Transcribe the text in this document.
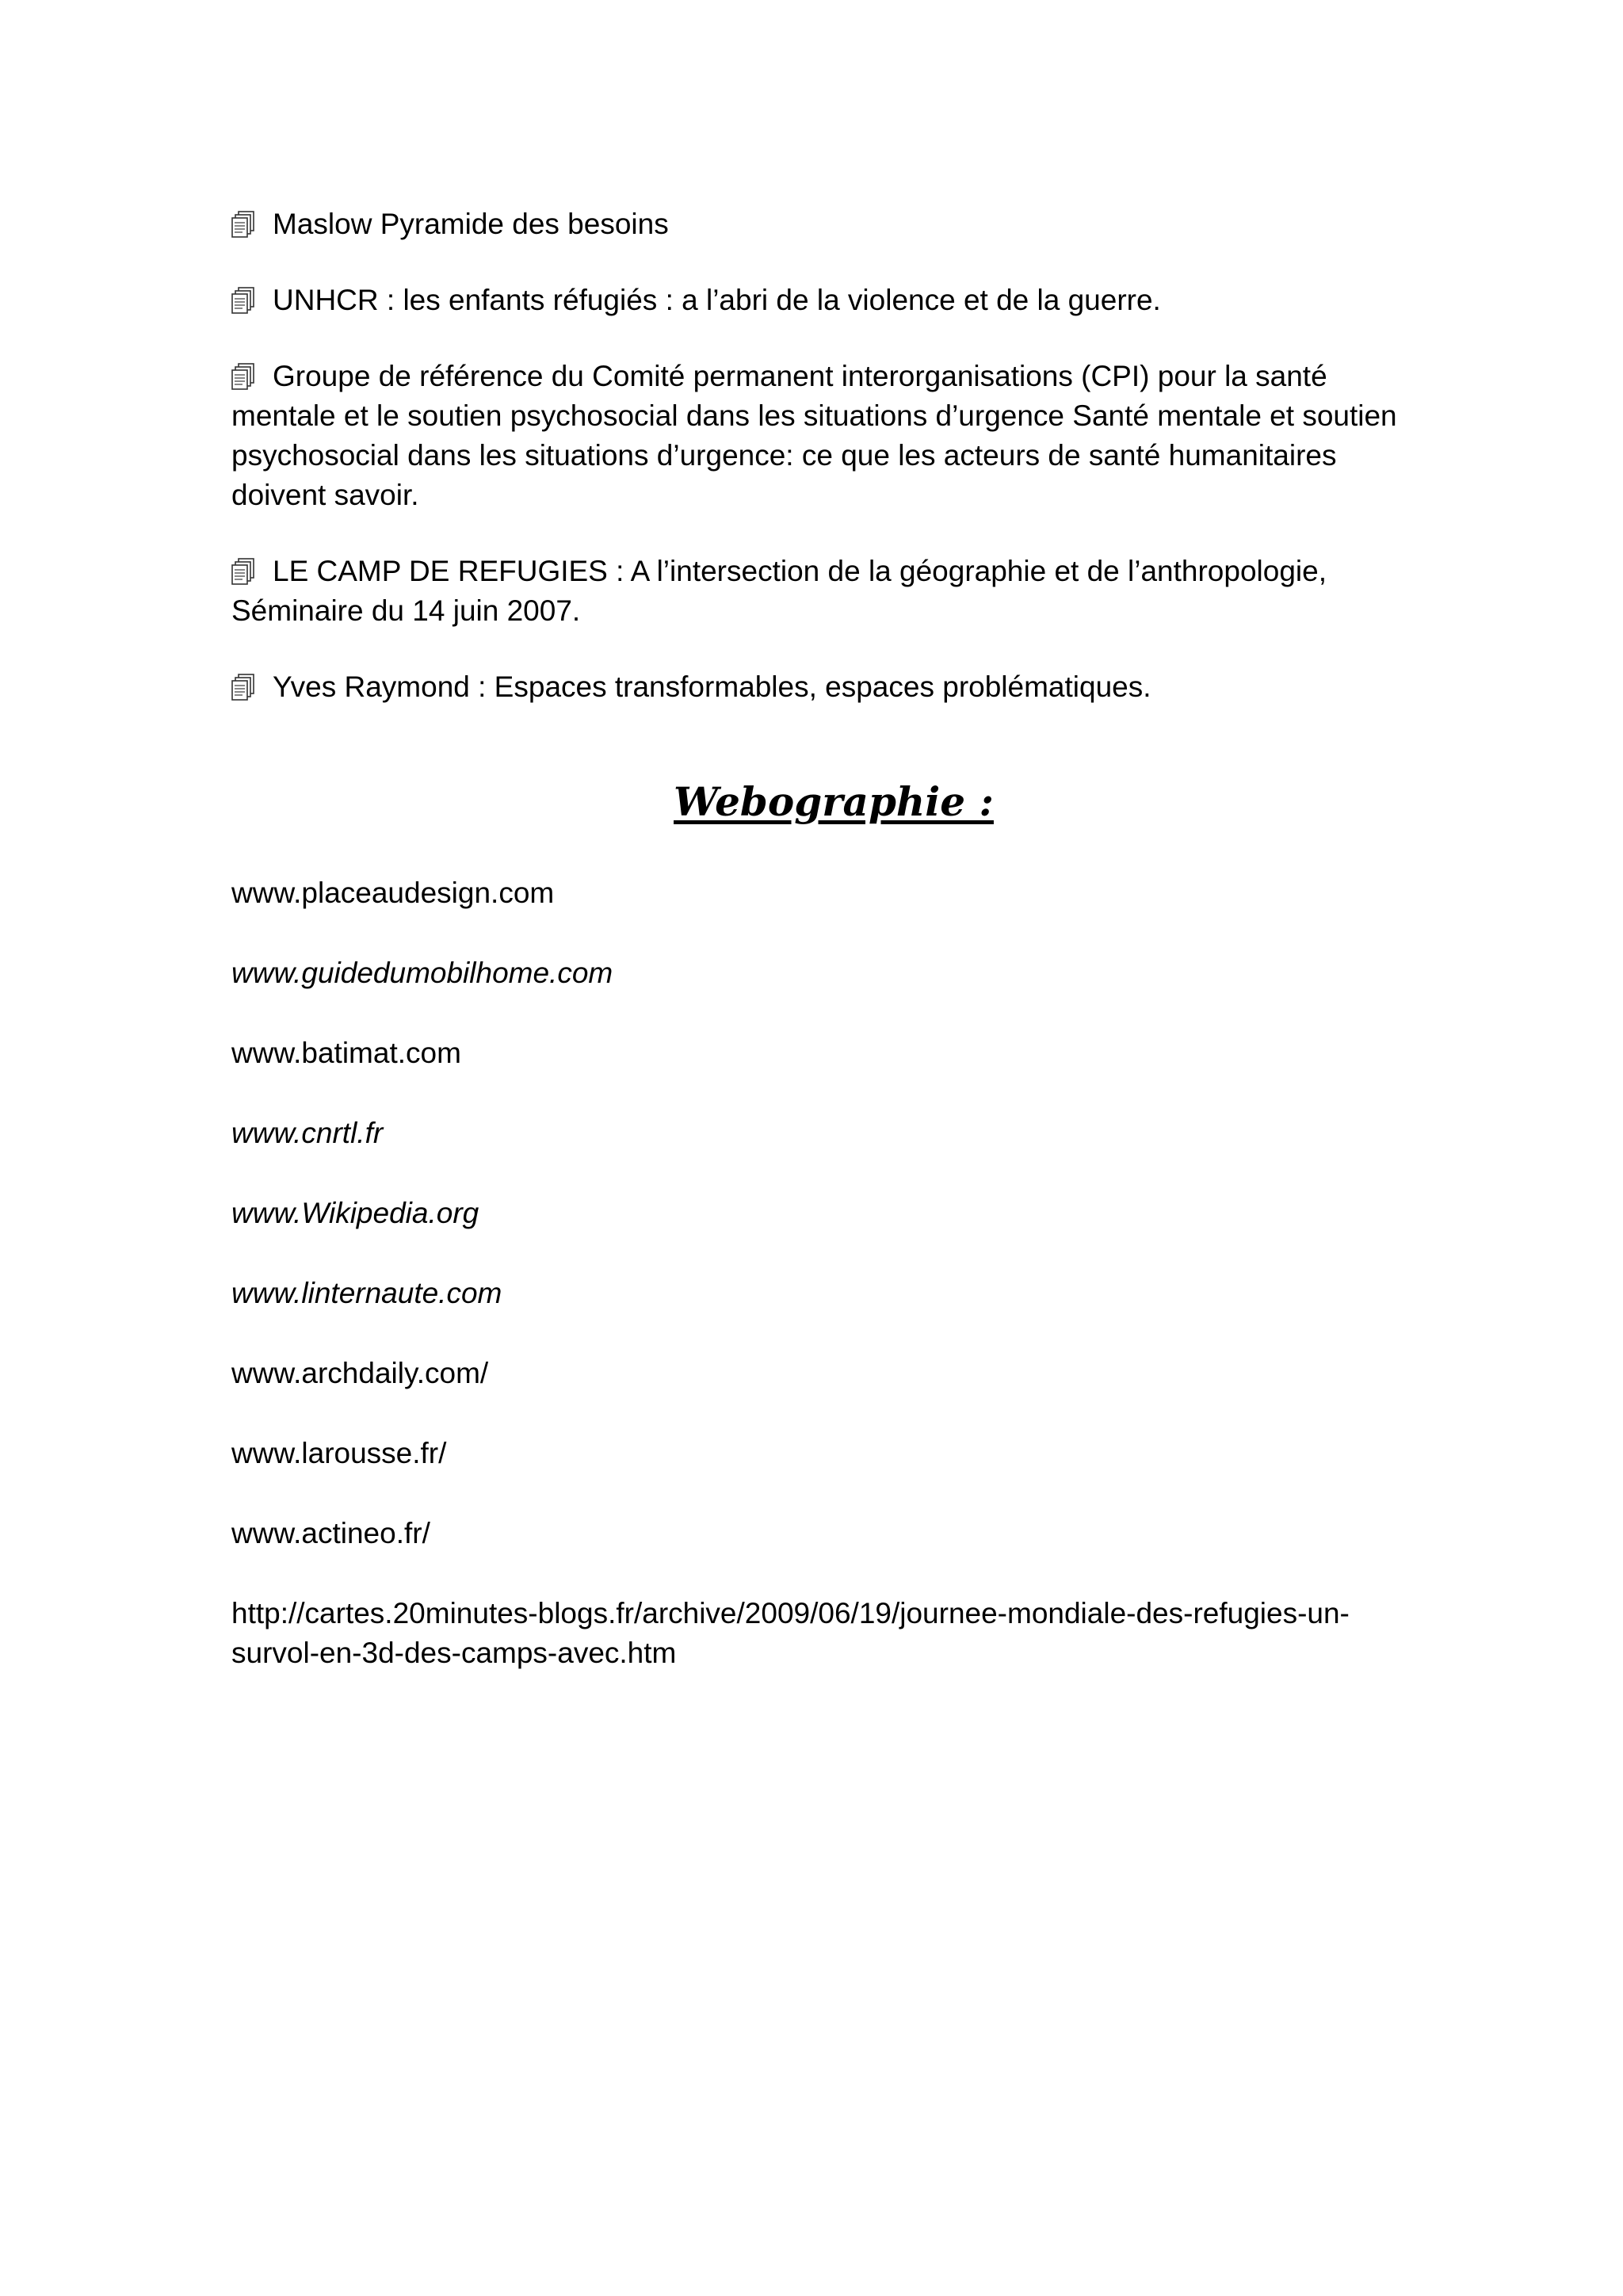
Maslow Pyramide des besoins

UNHCR : les enfants réfugiés : a l’abri de la violence et de la guerre.

Groupe de référence du Comité permanent interorganisations (CPI) pour la santé mentale et le soutien psychosocial dans les situations d’urgence Santé mentale et soutien psychosocial dans les situations d’urgence: ce que les acteurs de santé humanitaires doivent savoir.

LE CAMP DE REFUGIES : A l’intersection de la géographie et de l’anthropologie, Séminaire du 14 juin 2007.

Yves Raymond : Espaces transformables, espaces problématiques.

Webographie :

www.placeaudesign.com

www.guidedumobilhome.com

www.batimat.com

www.cnrtl.fr

www.Wikipedia.org

www.linternaute.com

www.archdaily.com/

www.larousse.fr/

www.actineo.fr/

http://cartes.20minutes-blogs.fr/archive/2009/06/19/journee-mondiale-des-refugies-un-survol-en-3d-des-camps-avec.htm
